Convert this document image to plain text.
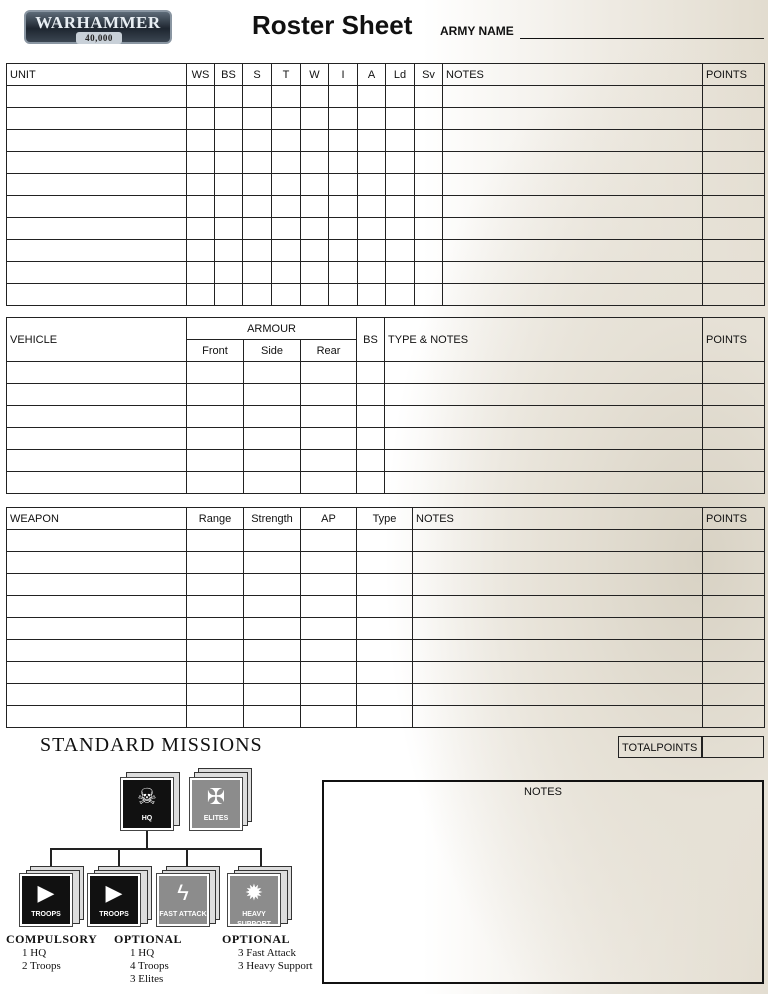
WARHAMMER
40,000	Roster Sheet ARMY NAME
UNIT	WS	BS	S	T	W	I	A	Ld	Sv	NOTES	POINTS

VEHICLE	ARMOUR			BS	TYPE & NOTES	POINTS
	Front	Side	Rear			

WEAPON	Range	Strength	AP	Type	NOTES	POINTS

TOTALPOINTS
STANDARD MISSIONS
☠
HQ
✠
ELITES
▶
TROOPS
▶
TROOPS
ϟ
FAST ATTACK
✹
HEAVY SUPPORT
COMPULSORY
1 HQ
2 Troops
OPTIONAL
1 HQ
4 Troops
3 Elites
OPTIONAL
3 Fast Attack
3 Heavy Support
NOTES
